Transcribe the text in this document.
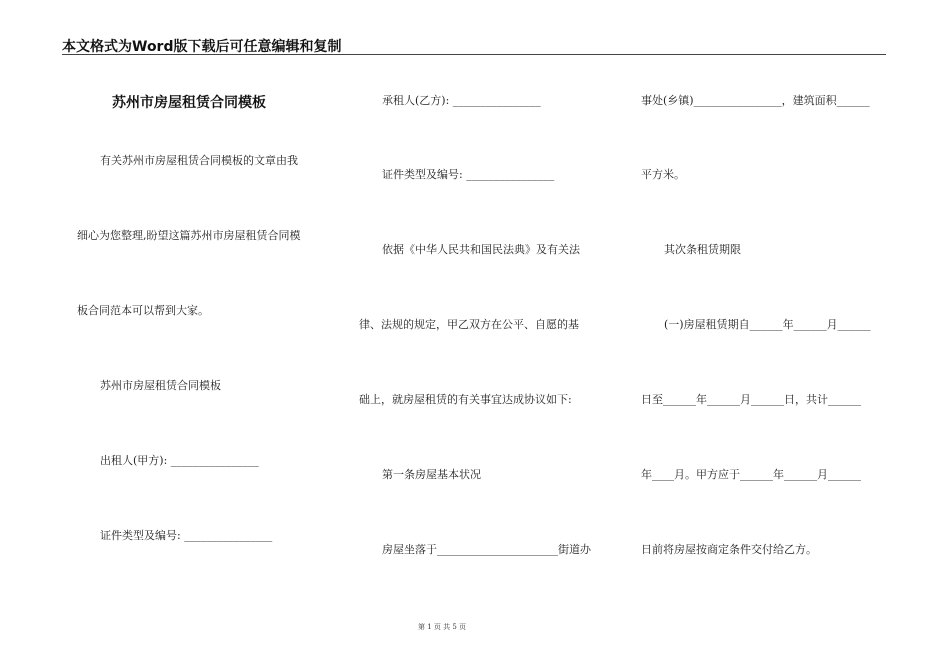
本文格式为Word版下载后可任意编辑和复制
苏州市房屋租赁合同模板
有关苏州市房屋租赁合同模板的文章由我
细心为您整理,盼望这篇苏州市房屋租赁合同模
板合同范本可以帮到大家。
苏州市房屋租赁合同模板
出租人(甲方): ________________
证件类型及编号: ________________
承租人(乙方): ________________
证件类型及编号: ________________
依据《中华人民共和国民法典》及有关法
律、法规的规定，甲乙双方在公平、自愿的基
础上，就房屋租赁的有关事宜达成协议如下:
第一条房屋基本状况
房屋坐落于______________________街道办
事处(乡镇)________________，建筑面积______
平方米。
其次条租赁期限
(一)房屋租赁期自______年______月______
日至______年______月______日，共计______
年____月。甲方应于______年______月______
日前将房屋按商定条件交付给乙方。
第 1 页 共 5 页
